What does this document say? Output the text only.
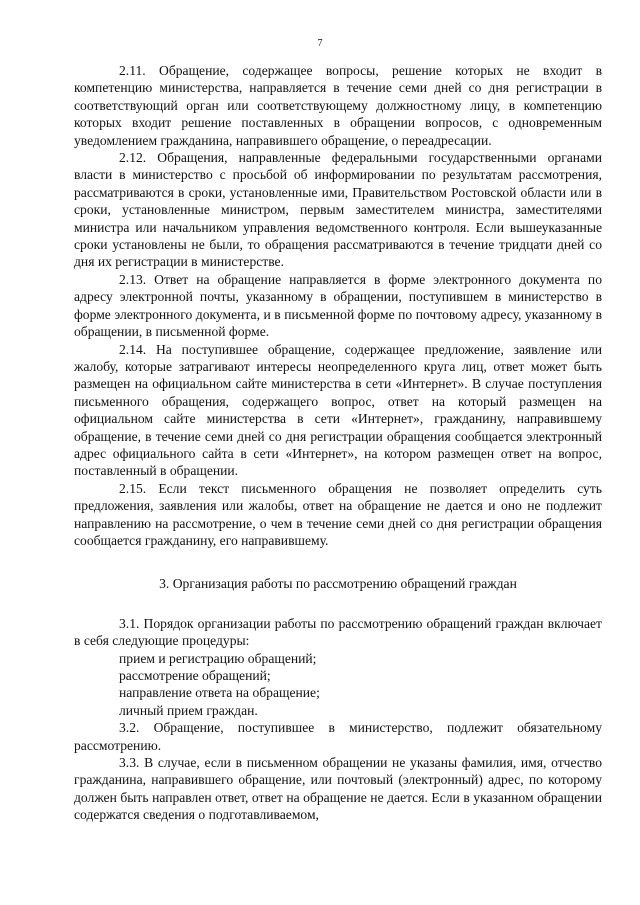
7

2.11. Обращение, содержащее вопросы, решение которых не входит в компетенцию министерства, направляется в течение семи дней со дня регистрации в соответствующий орган или соответствующему должностному лицу, в компетенцию которых входит решение поставленных в обращении вопросов, с одновременным уведомлением гражданина, направившего обращение, о переадресации.

2.12. Обращения, направленные федеральными государственными органами власти в министерство с просьбой об информировании по результатам рассмотрения, рассматриваются в сроки, установленные ими, Правительством Ростовской области или в сроки, установленные министром, первым заместителем министра, заместителями министра или начальником управления ведомственного контроля. Если вышеуказанные сроки установлены не были, то обращения рассматриваются в течение тридцати дней со дня их регистрации в министерстве.

2.13. Ответ на обращение направляется в форме электронного документа по адресу электронной почты, указанному в обращении, поступившем в министерство в форме электронного документа, и в письменной форме по почтовому адресу, указанному в обращении, в письменной форме.

2.14. На поступившее обращение, содержащее предложение, заявление или жалобу, которые затрагивают интересы неопределенного круга лиц, ответ может быть размещен на официальном сайте министерства в сети «Интернет». В случае поступления письменного обращения, содержащего вопрос, ответ на который размещен на официальном сайте министерства в сети «Интернет», гражданину, направившему обращение, в течение семи дней со дня регистрации обращения сообщается электронный адрес официального сайта в сети «Интернет», на котором размещен ответ на вопрос, поставленный в обращении.

2.15. Если текст письменного обращения не позволяет определить суть предложения, заявления или жалобы, ответ на обращение не дается и оно не подлежит направлению на рассмотрение, о чем в течение семи дней со дня регистрации обращения сообщается гражданину, его направившему.

3. Организация работы по рассмотрению обращений граждан

3.1. Порядок организации работы по рассмотрению обращений граждан включает в себя следующие процедуры:

прием и регистрацию обращений;

рассмотрение обращений;

направление ответа на обращение;

личный прием граждан.

3.2. Обращение, поступившее в министерство, подлежит обязательному рассмотрению.

3.3. В случае, если в письменном обращении не указаны фамилия, имя, отчество гражданина, направившего обращение, или почтовый (электронный) адрес, по которому должен быть направлен ответ, ответ на обращение не дается. Если в указанном обращении содержатся сведения о подготавливаемом,
